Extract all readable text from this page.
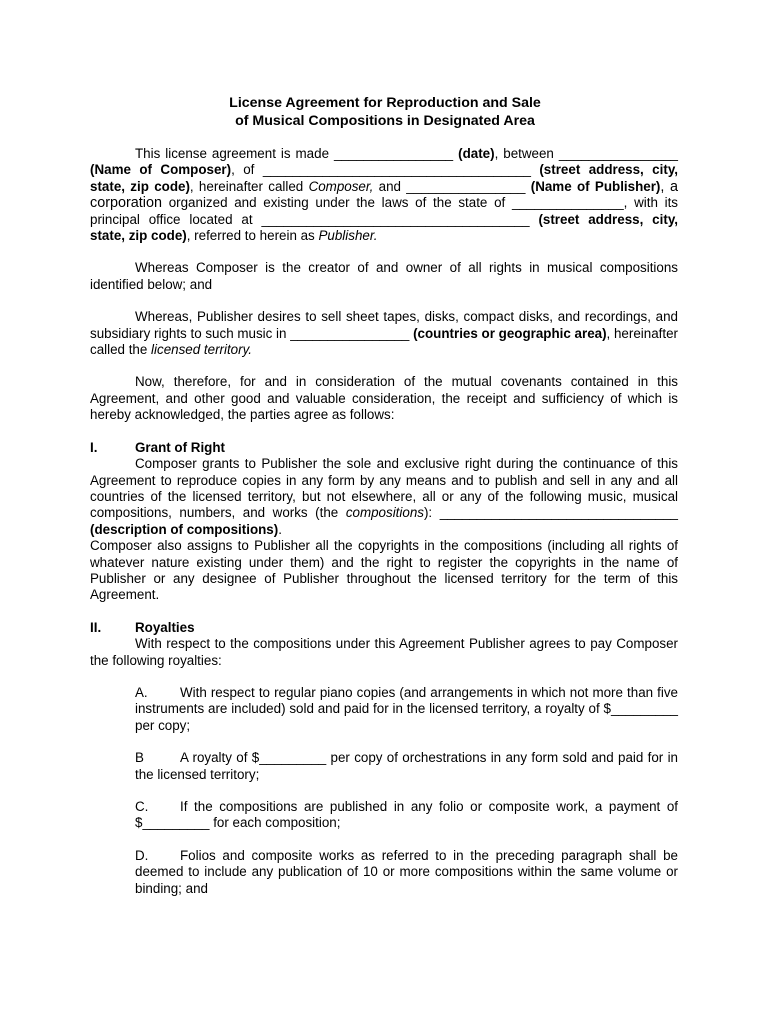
License Agreement for Reproduction and Sale
of Musical Compositions in Designated Area
This license agreement is made ________________ (date), between ________________ (Name of Composer), of ____________________________________ (street address, city, state, zip code), hereinafter called Composer, and ________________ (Name of Publisher), a corporation organized and existing under the laws of the state of _______________, with its principal office located at ____________________________________ (street address, city, state, zip code), referred to herein as Publisher.
Whereas Composer is the creator of and owner of all rights in musical compositions identified below; and
Whereas, Publisher desires to sell sheet tapes, disks, compact disks, and recordings, and subsidiary rights to such music in ________________ (countries or geographic area), hereinafter called the licensed territory.
Now, therefore, for and in consideration of the mutual covenants contained in this Agreement, and other good and valuable consideration, the receipt and sufficiency of which is hereby acknowledged, the parties agree as follows:
I.	Grant of Right
Composer grants to Publisher the sole and exclusive right during the continuance of this Agreement to reproduce copies in any form by any means and to publish and sell in any and all countries of the licensed territory, but not elsewhere, all or any of the following music, musical compositions, numbers, and works (the compositions): ________________________________ (description of compositions).
Composer also assigns to Publisher all the copyrights in the compositions (including all rights of whatever nature existing under them) and the right to register the copyrights in the name of Publisher or any designee of Publisher throughout the licensed territory for the term of this Agreement.
II.	Royalties
With respect to the compositions under this Agreement Publisher agrees to pay Composer the following royalties:
A. With respect to regular piano copies (and arrangements in which not more than five instruments are included) sold and paid for in the licensed territory, a royalty of $_________ per copy;
B	A royalty of $_________ per copy of orchestrations in any form sold and paid for in the licensed territory;
C. If the compositions are published in any folio or composite work, a payment of $_________ for each composition;
D. Folios and composite works as referred to in the preceding paragraph shall be deemed to include any publication of 10 or more compositions within the same volume or binding; and
